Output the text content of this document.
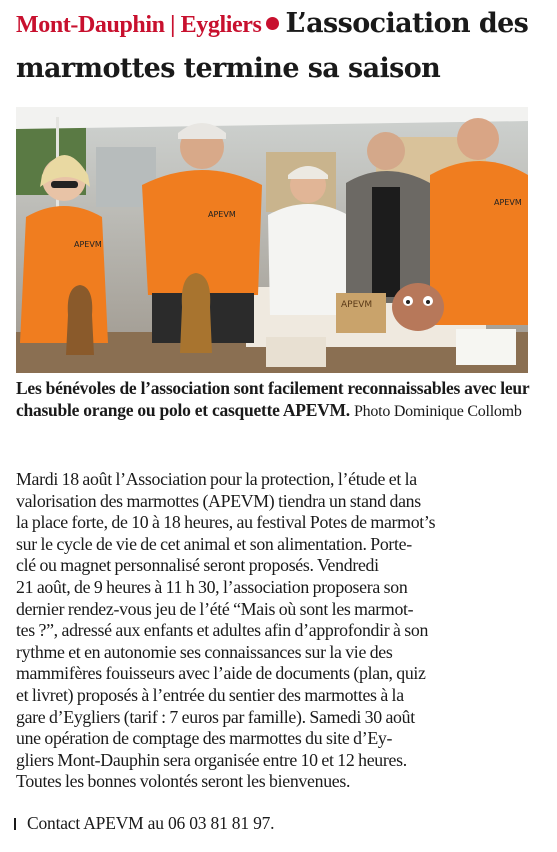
Mont-Dauphin | Eygliers L’association des marmottes termine sa saison
APEVM
APEVM
APEVM
APEVM

Les bénévoles de l’association sont facilement reconnaissables avec leur chasuble orange ou polo et casquette APEVM. Photo Dominique Collomb

Mardi 18 août l’Association pour la protection, l’étude et la
valorisation des marmottes (APEVM) tiendra un stand dans
la place forte, de 10 à 18 heures, au festival Potes de marmot’s
sur le cycle de vie de cet animal et son alimentation. Porte-
clé ou magnet personnalisé seront proposés. Vendredi
21 août, de 9 heures à 11 h 30, l’association proposera son
dernier rendez-vous jeu de l’été “Mais où sont les marmot-
tes ?”, adressé aux enfants et adultes afin d’approfondir à son
rythme et en autonomie ses connaissances sur la vie des
mammifères fouisseurs avec l’aide de documents (plan, quiz
et livret) proposés à l’entrée du sentier des marmottes à la
gare d’Eygliers (tarif : 7 euros par famille). Samedi 30 août
une opération de comptage des marmottes du site d’Ey-
gliers Mont-Dauphin sera organisée entre 10 et 12 heures.
Toutes les bonnes volontés seront les bienvenues.

Contact APEVM au 06 03 81 81 97.
